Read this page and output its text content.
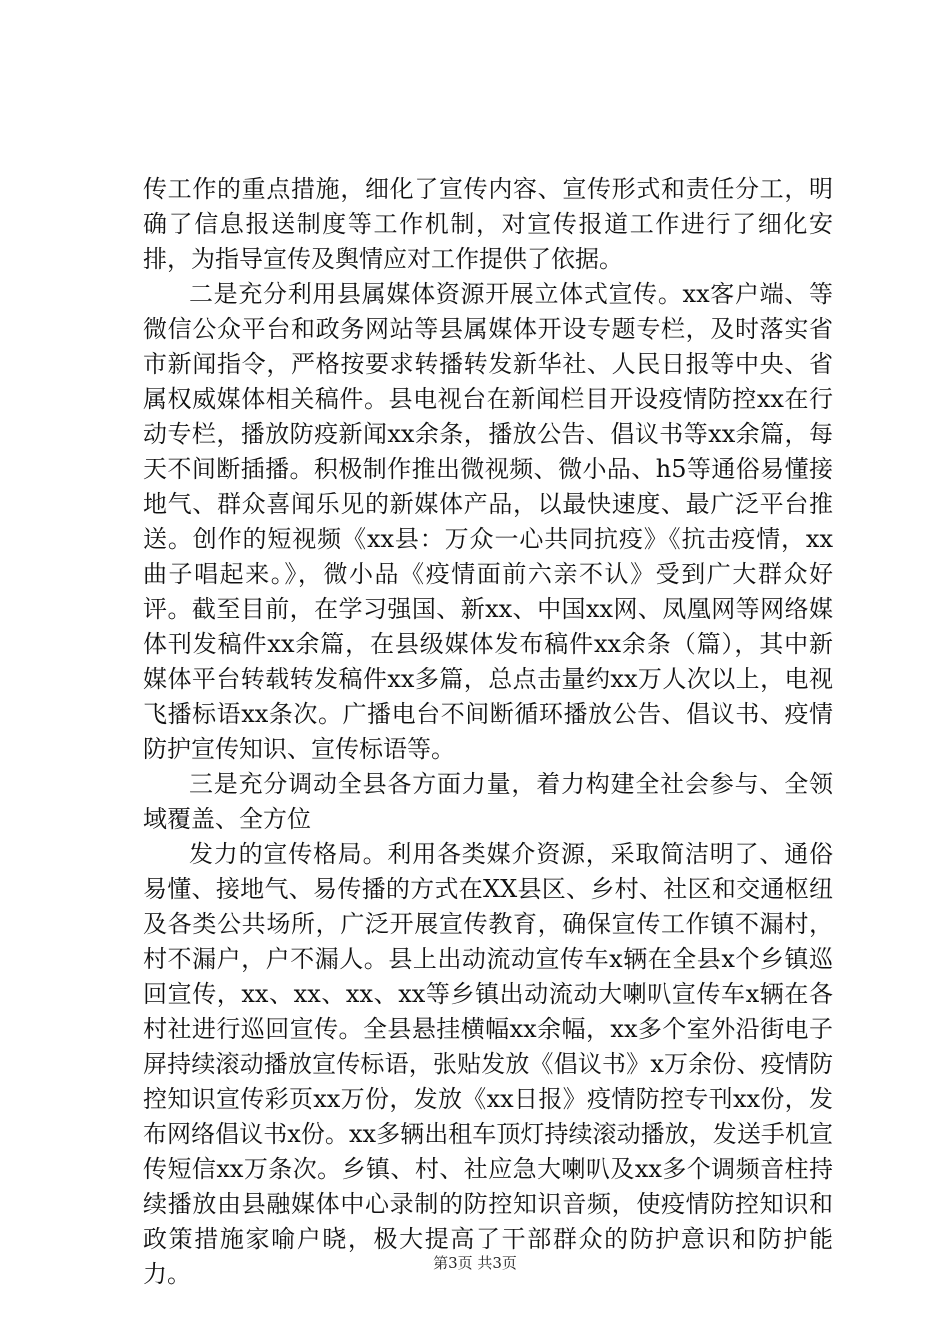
传工作的重点措施，细化了宣传内容、宣传形式和责任分工，明确了信息报送制度等工作机制，对宣传报道工作进行了细化安排，为指导宣传及舆情应对工作提供了依据。

二是充分利用县属媒体资源开展立体式宣传。xx客户端、等微信公众平台和政务网站等县属媒体开设专题专栏，及时落实省市新闻指令，严格按要求转播转发新华社、人民日报等中央、省属权威媒体相关稿件。县电视台在新闻栏目开设疫情防控xx在行动专栏，播放防疫新闻xx余条，播放公告、倡议书等xx余篇，每天不间断插播。积极制作推出微视频、微小品、h5等通俗易懂接地气、群众喜闻乐见的新媒体产品，以最快速度、最广泛平台推送。创作的短视频《xx县：万众一心共同抗疫》《抗击疫情，xx曲子唱起来。》，微小品《疫情面前六亲不认》受到广大群众好评。截至目前，在学习强国、新xx、中国xx网、凤凰网等网络媒体刊发稿件xx余篇，在县级媒体发布稿件xx余条（篇），其中新媒体平台转载转发稿件xx多篇，总点击量约xx万人次以上，电视飞播标语xx条次。广播电台不间断循环播放公告、倡议书、疫情防护宣传知识、宣传标语等。

三是充分调动全县各方面力量，着力构建全社会参与、全领域覆盖、全方位

发力的宣传格局。利用各类媒介资源，采取简洁明了、通俗易懂、接地气、易传播的方式在XX县区、乡村、社区和交通枢纽及各类公共场所，广泛开展宣传教育，确保宣传工作镇不漏村，村不漏户，户不漏人。县上出动流动宣传车x辆在全县x个乡镇巡回宣传，xx、xx、xx、xx等乡镇出动流动大喇叭宣传车x辆在各村社进行巡回宣传。全县悬挂横幅xx余幅，xx多个室外沿街电子屏持续滚动播放宣传标语，张贴发放《倡议书》x万余份、疫情防控知识宣传彩页xx万份，发放《xx日报》疫情防控专刊xx份，发布网络倡议书x份。xx多辆出租车顶灯持续滚动播放，发送手机宣传短信xx万条次。乡镇、村、社应急大喇叭及xx多个调频音柱持续播放由县融媒体中心录制的防控知识音频，使疫情防控知识和政策措施家喻户晓，极大提高了干部群众的防护意识和防护能力。	第3页 共3页
